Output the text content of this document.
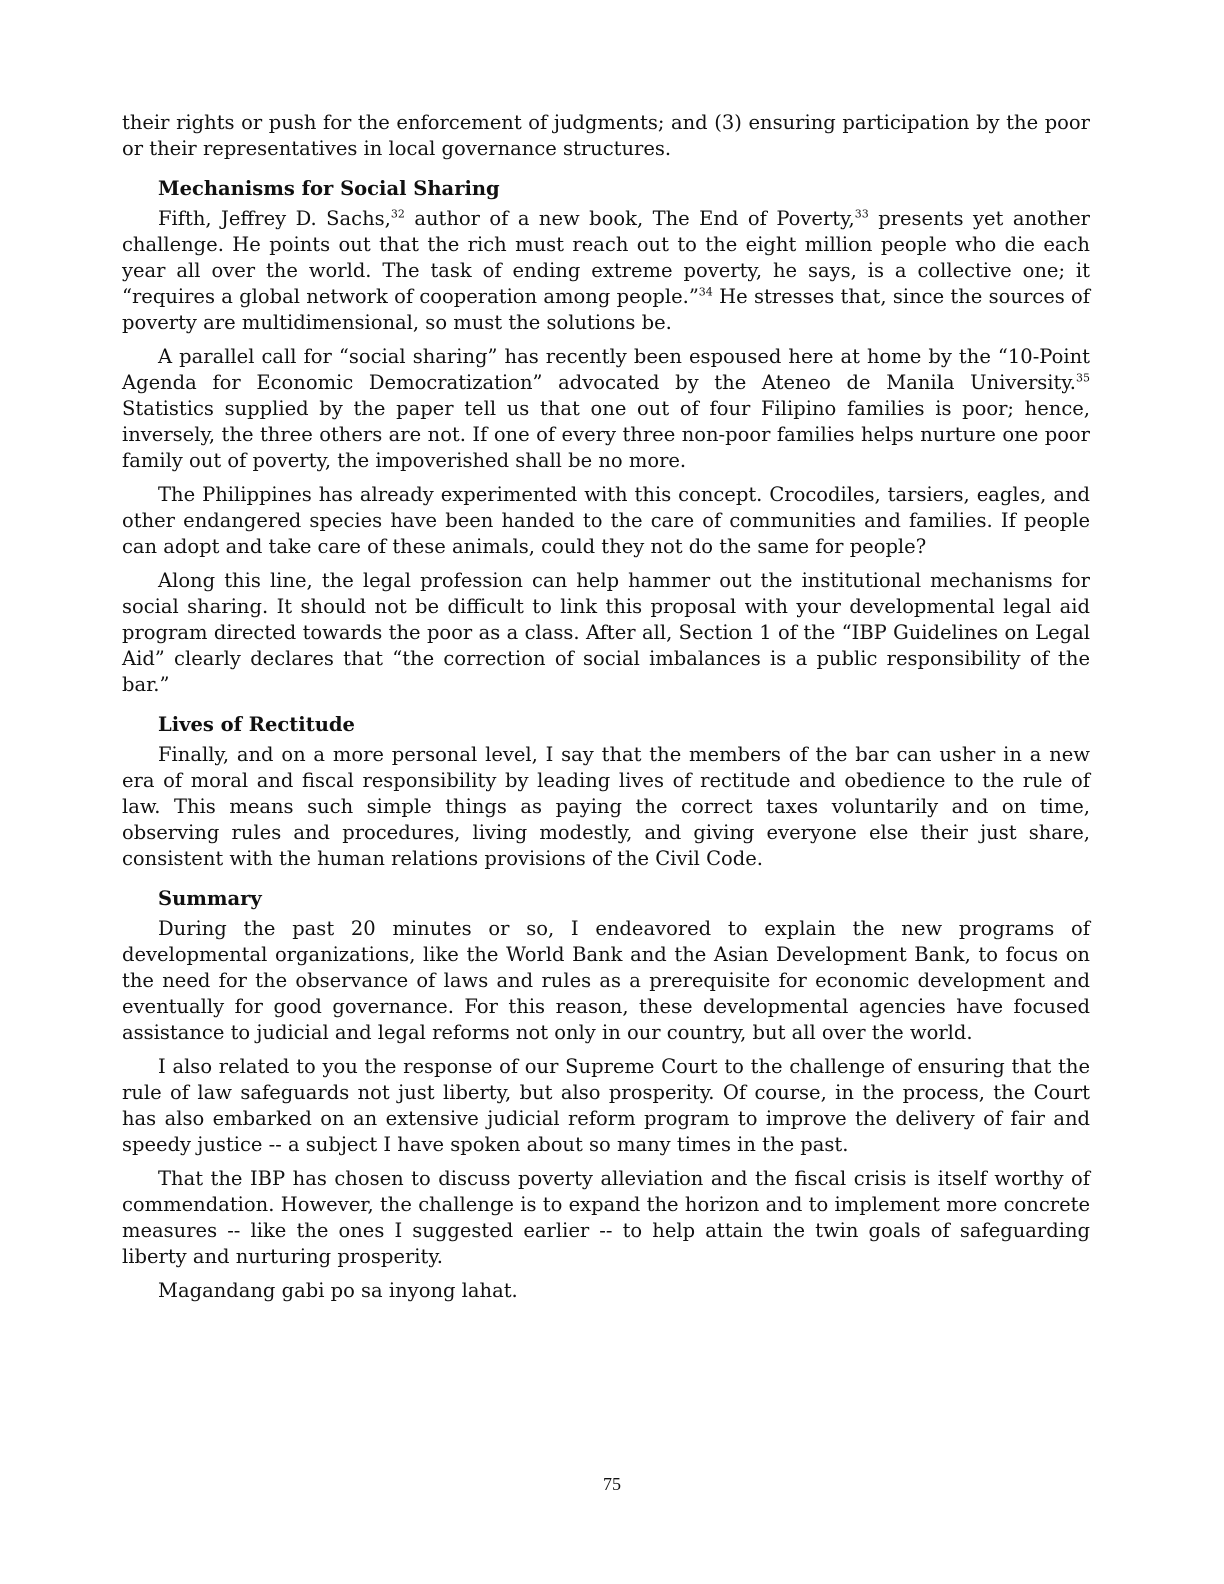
their rights or push for the enforcement of judgments; and (3) ensuring participation by the poor or their representatives in local governance structures.

Mechanisms for Social Sharing

Fifth, Jeffrey D. Sachs,$^{32}$ author of a new book, The End of Poverty,$^{33}$ presents yet another challenge. He points out that the rich must reach out to the eight million people who die each year all over the world. The task of ending extreme poverty, he says, is a collective one; it “requires a global network of cooperation among people.”$^{34}$ He stresses that, since the sources of poverty are multidimensional, so must the solutions be.

A parallel call for “social sharing” has recently been espoused here at home by the “10-Point Agenda for Economic Democratization” advocated by the Ateneo de Manila University.$^{35}$ Statistics supplied by the paper tell us that one out of four Filipino families is poor; hence, inversely, the three others are not. If one of every three non-poor families helps nurture one poor family out of poverty, the impoverished shall be no more.

The Philippines has already experimented with this concept. Crocodiles, tarsiers, eagles, and other endangered species have been handed to the care of communities and families. If people can adopt and take care of these animals, could they not do the same for people?

Along this line, the legal profession can help hammer out the institutional mechanisms for social sharing. It should not be difficult to link this proposal with your developmental legal aid program directed towards the poor as a class. After all, Section 1 of the “IBP Guidelines on Legal Aid” clearly declares that “the correction of social imbalances is a public responsibility of the bar.”

Lives of Rectitude

Finally, and on a more personal level, I say that the members of the bar can usher in a new era of moral and fiscal responsibility by leading lives of rectitude and obedience to the rule of law. This means such simple things as paying the correct taxes voluntarily and on time, observing rules and procedures, living modestly, and giving everyone else their just share, consistent with the human relations provisions of the Civil Code.

Summary

During the past 20 minutes or so, I endeavored to explain the new programs of developmental organizations, like the World Bank and the Asian Development Bank, to focus on the need for the observance of laws and rules as a prerequisite for economic development and eventually for good governance. For this reason, these developmental agencies have focused assistance to judicial and legal reforms not only in our country, but all over the world.

I also related to you the response of our Supreme Court to the challenge of ensuring that the rule of law safeguards not just liberty, but also prosperity. Of course, in the process, the Court has also embarked on an extensive judicial reform program to improve the delivery of fair and speedy justice -- a subject I have spoken about so many times in the past.

That the IBP has chosen to discuss poverty alleviation and the fiscal crisis is itself worthy of commendation. However, the challenge is to expand the horizon and to implement more concrete measures -- like the ones I suggested earlier -- to help attain the twin goals of safeguarding liberty and nurturing prosperity.

Magandang gabi po sa inyong lahat.

75
